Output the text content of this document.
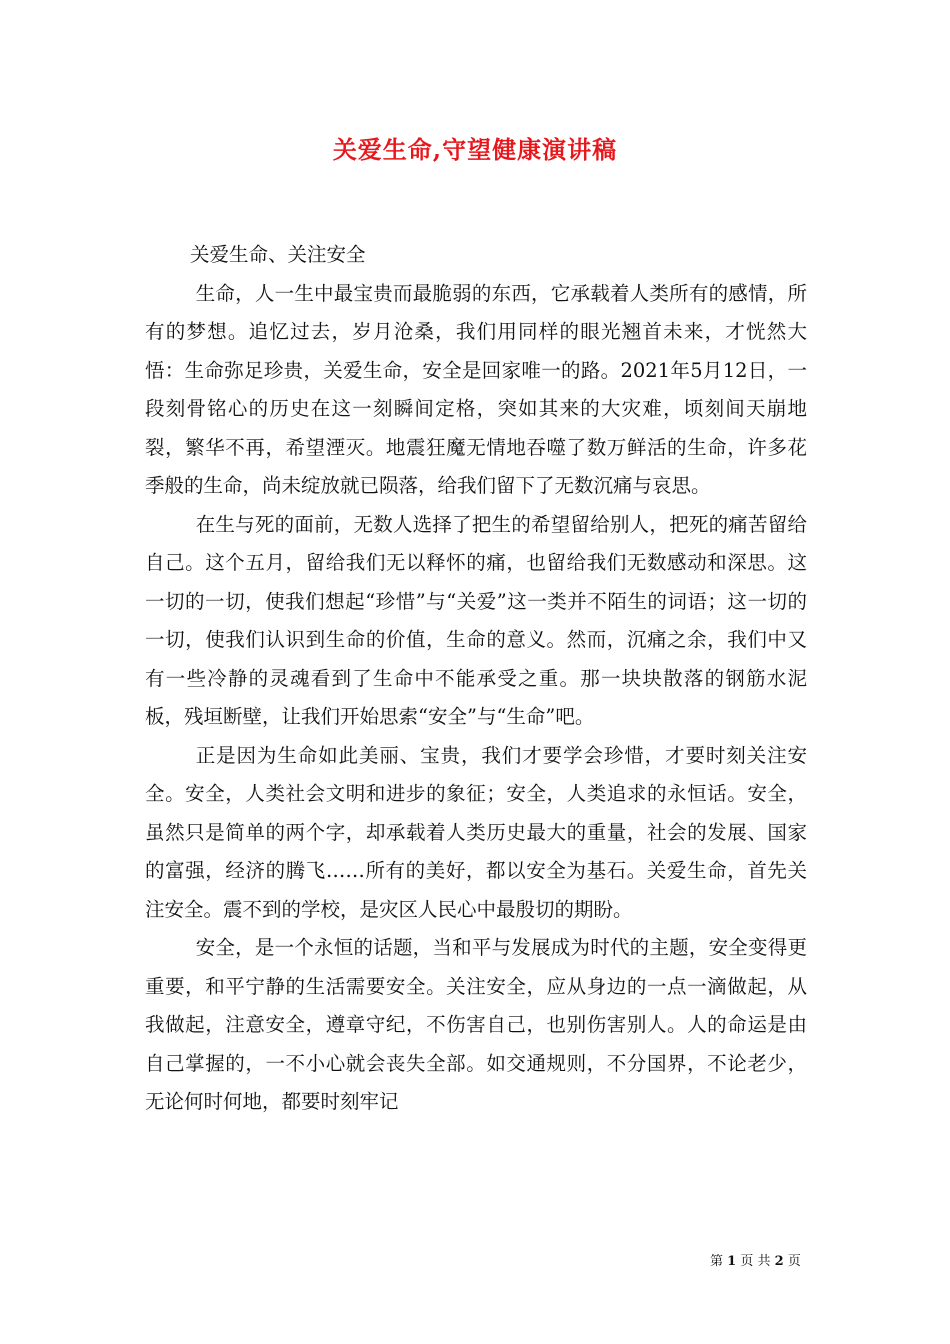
关爱生命,守望健康演讲稿

关爱生命、关注安全

生命，人一生中最宝贵而最脆弱的东西，它承载着人类所有的感情，所有的梦想。追忆过去，岁月沧桑，我们用同样的眼光翘首未来，才恍然大悟：生命弥足珍贵，关爱生命，安全是回家唯一的路。2021年5月12日，一段刻骨铭心的历史在这一刻瞬间定格，突如其来的大灾难，顷刻间天崩地裂，繁华不再，希望湮灭。地震狂魔无情地吞噬了数万鲜活的生命，许多花季般的生命，尚未绽放就已陨落，给我们留下了无数沉痛与哀思。

在生与死的面前，无数人选择了把生的希望留给别人，把死的痛苦留给自己。这个五月，留给我们无以释怀的痛，也留给我们无数感动和深思。这一切的一切，使我们想起“珍惜”与“关爱”这一类并不陌生的词语；这一切的一切，使我们认识到生命的价值，生命的意义。然而，沉痛之余，我们中又有一些冷静的灵魂看到了生命中不能承受之重。那一块块散落的钢筋水泥板，残垣断壁，让我们开始思索“安全”与“生命”吧。

正是因为生命如此美丽、宝贵，我们才要学会珍惜，才要时刻关注安全。安全，人类社会文明和进步的象征；安全，人类追求的永恒话。安全，虽然只是简单的两个字，却承载着人类历史最大的重量，社会的发展、国家的富强，经济的腾飞……所有的美好，都以安全为基石。关爱生命，首先关注安全。震不到的学校，是灾区人民心中最殷切的期盼。

安全，是一个永恒的话题，当和平与发展成为时代的主题，安全变得更重要，和平宁静的生活需要安全。关注安全，应从身边的一点一滴做起，从我做起，注意安全，遵章守纪，不伤害自己，也别伤害别人。人的命运是由自己掌握的，一不小心就会丧失全部。如交通规则，不分国界，不论老少，无论何时何地，都要时刻牢记

第 1 页 共 2 页
